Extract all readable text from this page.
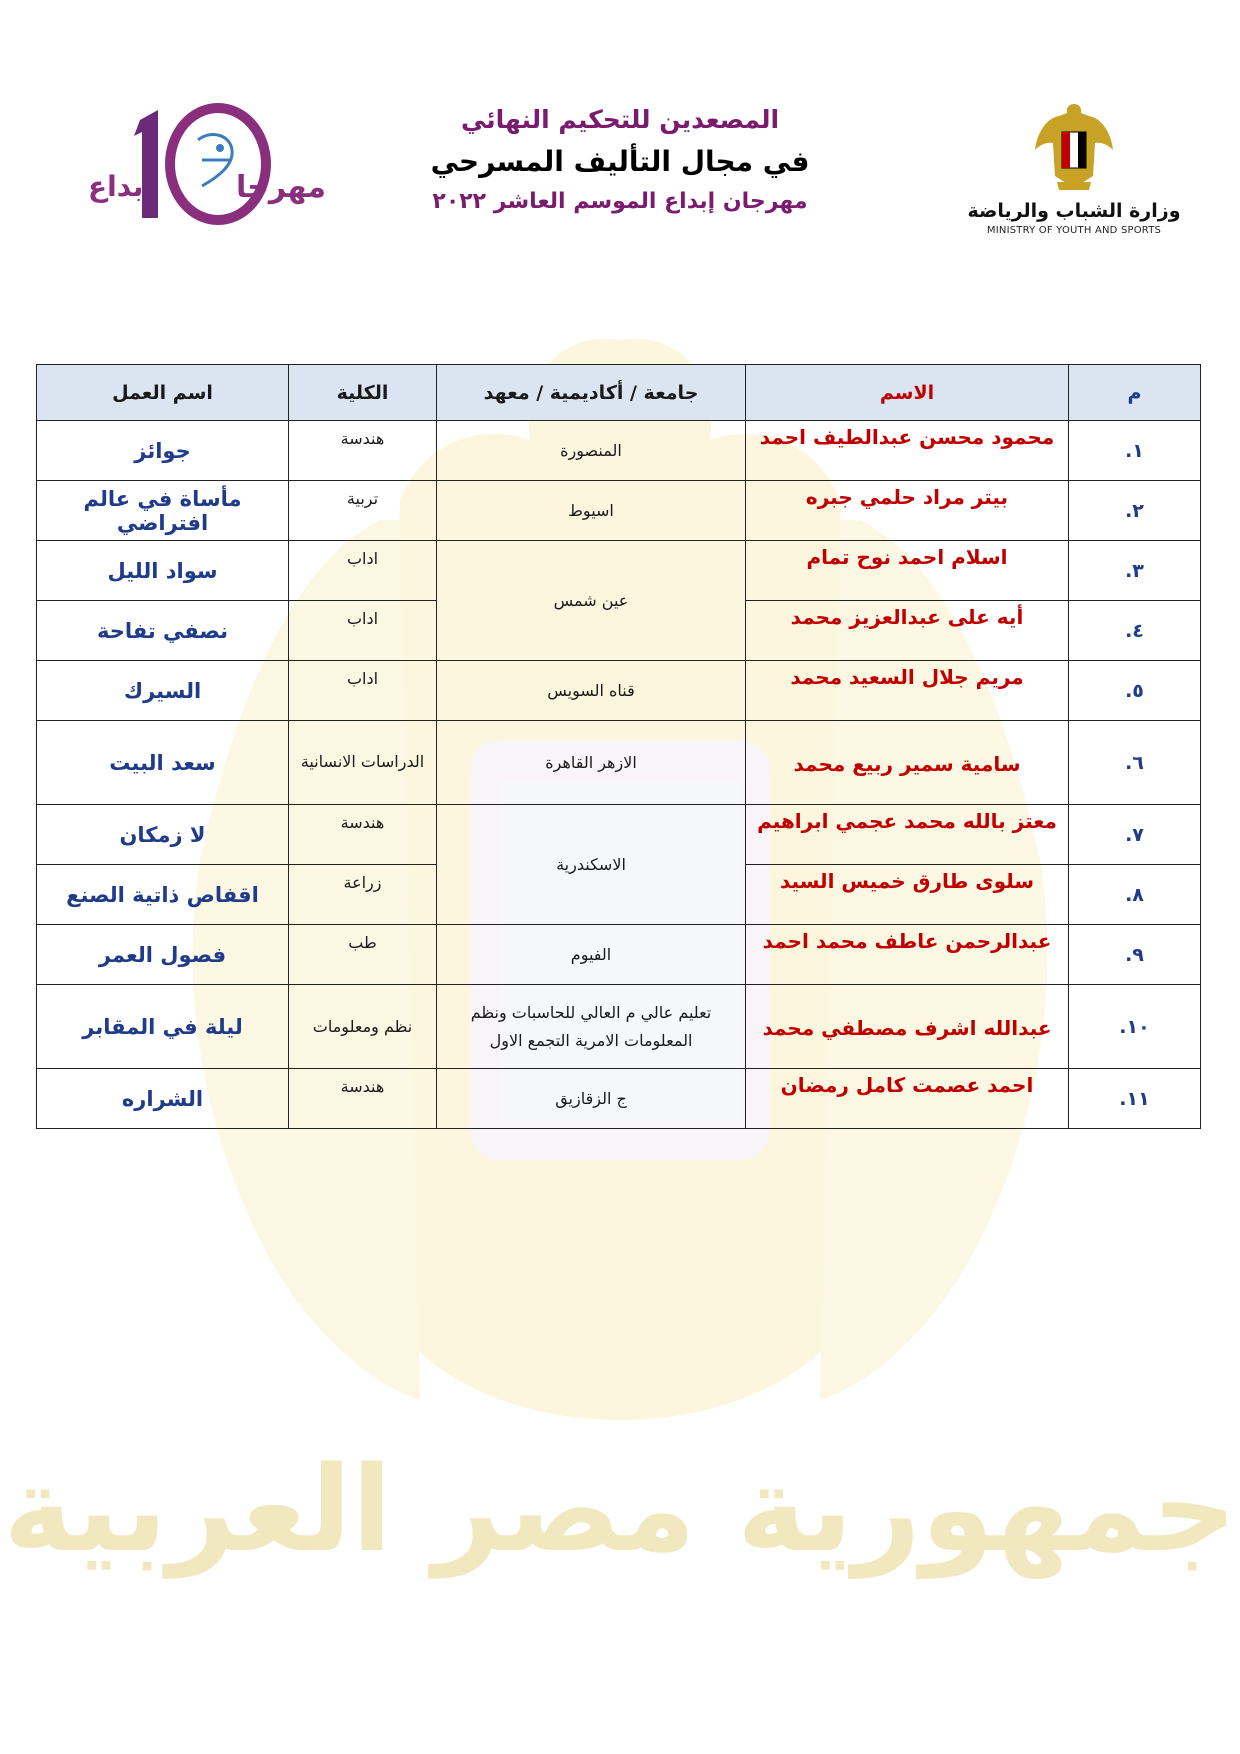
جمهورية مصر العربية
مهرجا
بداع
المصعدين للتحكيم النهائي
في مجال التأليف المسرحي
مهرجان إبداع الموسم العاشر ٢٠٢٢	وزارة الشباب والرياضة
MINISTRY OF YOUTH AND SPORTS
م	الاسم	جامعة / أكاديمية / معهد	الكلية	اسم العمل
١.	محمود محسن عبدالطيف احمد	المنصورة	هندسة	جوائز
٢.	بيتر مراد حلمي جبره	اسيوط	تربية	مأساة في عالم افتراضي
٣.	اسلام احمد نوح تمام	عين شمس	اداب	سواد الليل
٤.	أيه على عبدالعزيز محمد		اداب	نصفي تفاحة
٥.	مريم جلال السعيد محمد	قناه السويس	اداب	السيرك
٦.	سامية سمير ربيع محمد	الازهر القاهرة	الدراسات الانسانية	سعد البيت
٧.	معتز بالله محمد عجمي ابراهيم	الاسكندرية	هندسة	لا زمكان
٨.	سلوى طارق خميس السيد		زراعة	اقفاص ذاتية الصنع
٩.	عبدالرحمن عاطف محمد احمد	الفيوم	طب	فصول العمر
١٠.	عبدالله اشرف مصطفي محمد	تعليم عالي م العالي للحاسبات ونظم المعلومات الامرية التجمع الاول	نظم ومعلومات	ليلة في المقابر
١١.	احمد عصمت كامل رمضان	ج الزقازيق	هندسة	الشراره
